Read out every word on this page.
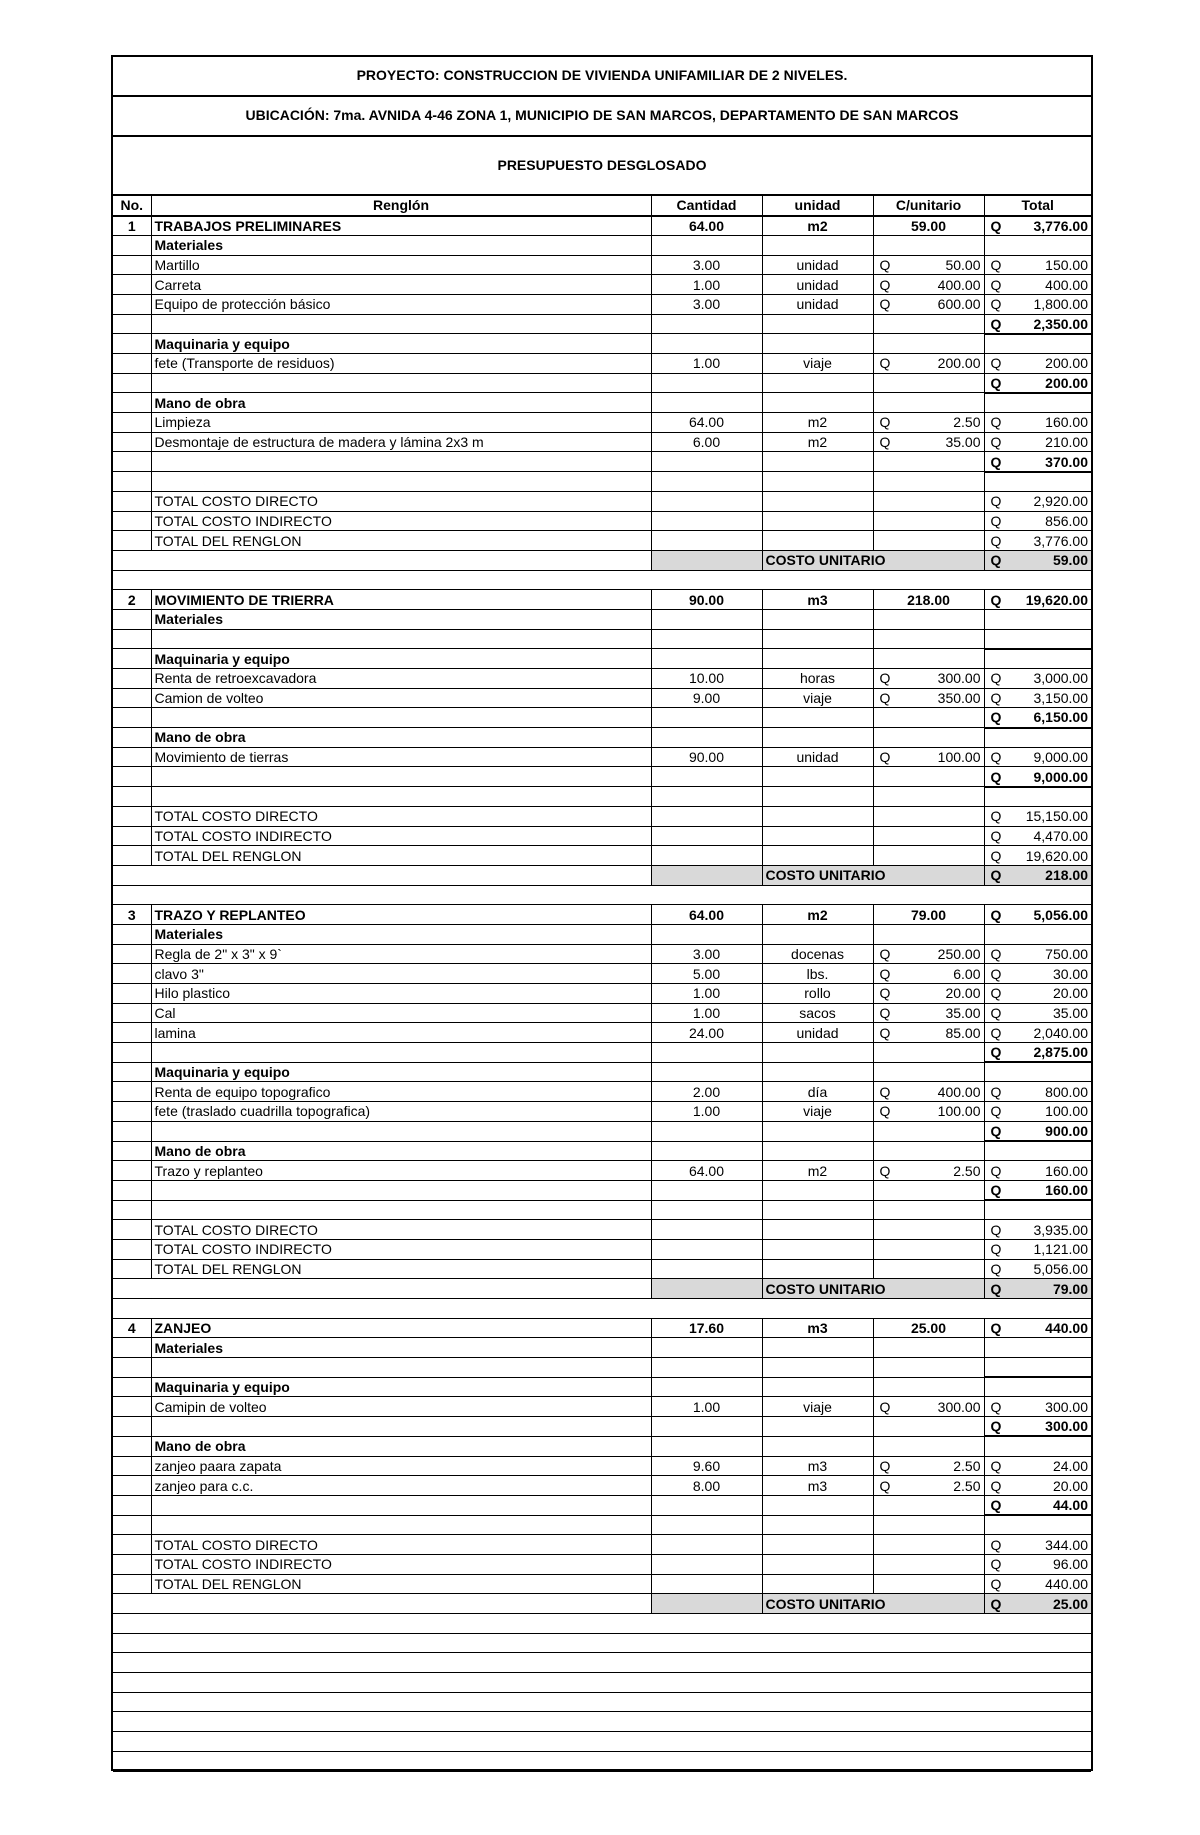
PROYECTO: CONSTRUCCION DE VIVIENDA UNIFAMILIAR DE 2 NIVELES.
UBICACIÓN: 7ma. AVNIDA 4-46 ZONA 1, MUNICIPIO DE SAN MARCOS, DEPARTAMENTO DE SAN MARCOS
PRESUPUESTO DESGLOSADO
No.	Renglón	Cantidad	unidad	C/unitario	Total
1	TRABAJOS PRELIMINARES	64.00	m2	59.00	Q 3,776.00

	Materiales				
	Martillo	3.00	unidad	Q 50.00	Q 150.00

	Carreta	1.00	unidad	Q 400.00	Q 400.00

	Equipo de protección básico	3.00	unidad	Q 600.00	Q 1,800.00

					Q 2,350.00

	Maquinaria y equipo				
	fete (Transporte de residuos)	1.00	viaje	Q 200.00	Q 200.00

					Q 200.00

	Mano de obra				
	Limpieza	64.00	m2	Q 2.50	Q 160.00

	Desmontaje de estructura de madera y lámina 2x3 m	6.00	m2	Q 35.00	Q 210.00

					Q 370.00

	TOTAL COSTO DIRECTO				Q 2,920.00

	TOTAL COSTO INDIRECTO				Q 856.00

	TOTAL DEL RENGLON				Q 3,776.00

			COSTO UNITARIO		Q 59.00

2	MOVIMIENTO DE TRIERRA	90.00	m3	218.00	Q 19,620.00

	Materiales				

	Maquinaria y equipo				
	Renta de retroexcavadora	10.00	horas	Q 300.00	Q 3,000.00

	Camion de volteo	9.00	viaje	Q 350.00	Q 3,150.00

					Q 6,150.00

	Mano de obra				
	Movimiento de tierras	90.00	unidad	Q 100.00	Q 9,000.00

					Q 9,000.00

	TOTAL COSTO DIRECTO				Q 15,150.00

	TOTAL COSTO INDIRECTO				Q 4,470.00

	TOTAL DEL RENGLON				Q 19,620.00

			COSTO UNITARIO		Q 218.00

3	TRAZO Y REPLANTEO	64.00	m2	79.00	Q 5,056.00

	Materiales				
	Regla de 2" x 3" x 9`	3.00	docenas	Q 250.00	Q 750.00

	clavo 3"	5.00	lbs.	Q 6.00	Q 30.00

	Hilo plastico	1.00	rollo	Q 20.00	Q 20.00

	Cal	1.00	sacos	Q 35.00	Q 35.00

	lamina	24.00	unidad	Q 85.00	Q 2,040.00

					Q 2,875.00

	Maquinaria y equipo				
	Renta de equipo topografico	2.00	día	Q 400.00	Q 800.00

	fete (traslado cuadrilla topografica)	1.00	viaje	Q 100.00	Q 100.00

					Q 900.00

	Mano de obra				
	Trazo y replanteo	64.00	m2	Q 2.50	Q 160.00

					Q 160.00

	TOTAL COSTO DIRECTO				Q 3,935.00

	TOTAL COSTO INDIRECTO				Q 1,121.00

	TOTAL DEL RENGLON				Q 5,056.00

			COSTO UNITARIO		Q 79.00

4	ZANJEO	17.60	m3	25.00	Q 440.00

	Materiales				

	Maquinaria y equipo				
	Camipin de volteo	1.00	viaje	Q 300.00	Q 300.00

					Q 300.00

	Mano de obra				
	zanjeo paara zapata	9.60	m3	Q 2.50	Q 24.00

	zanjeo para c.c.	8.00	m3	Q 2.50	Q 20.00

					Q 44.00

	TOTAL COSTO DIRECTO				Q 344.00

	TOTAL COSTO INDIRECTO				Q 96.00

	TOTAL DEL RENGLON				Q 440.00

			COSTO UNITARIO		Q 25.00
